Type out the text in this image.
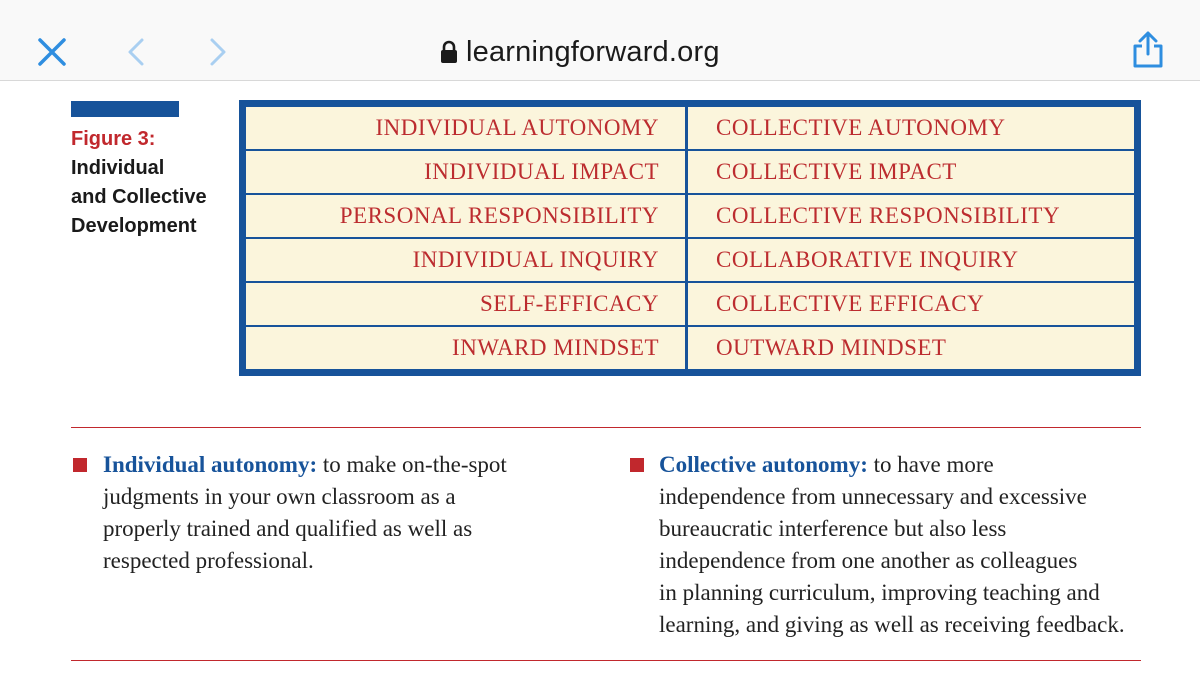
learningforward.org
Figure 3:
Individual
and Collective
Development
INDIVIDUAL AUTONOMY	COLLECTIVE AUTONOMY
INDIVIDUAL IMPACT	COLLECTIVE IMPACT
PERSONAL RESPONSIBILITY	COLLECTIVE RESPONSIBILITY
INDIVIDUAL INQUIRY	COLLABORATIVE INQUIRY
SELF-EFFICACY	COLLECTIVE EFFICACY
INWARD MINDSET	OUTWARD MINDSET
Individual autonomy: to make on-the-spot
judgments in your own classroom as a
properly trained and qualified as well as
respected professional.
Collective autonomy: to have more
independence from unnecessary and excessive
bureaucratic interference but also less
independence from one another as colleagues
in planning curriculum, improving teaching and
learning, and giving as well as receiving feedback.
